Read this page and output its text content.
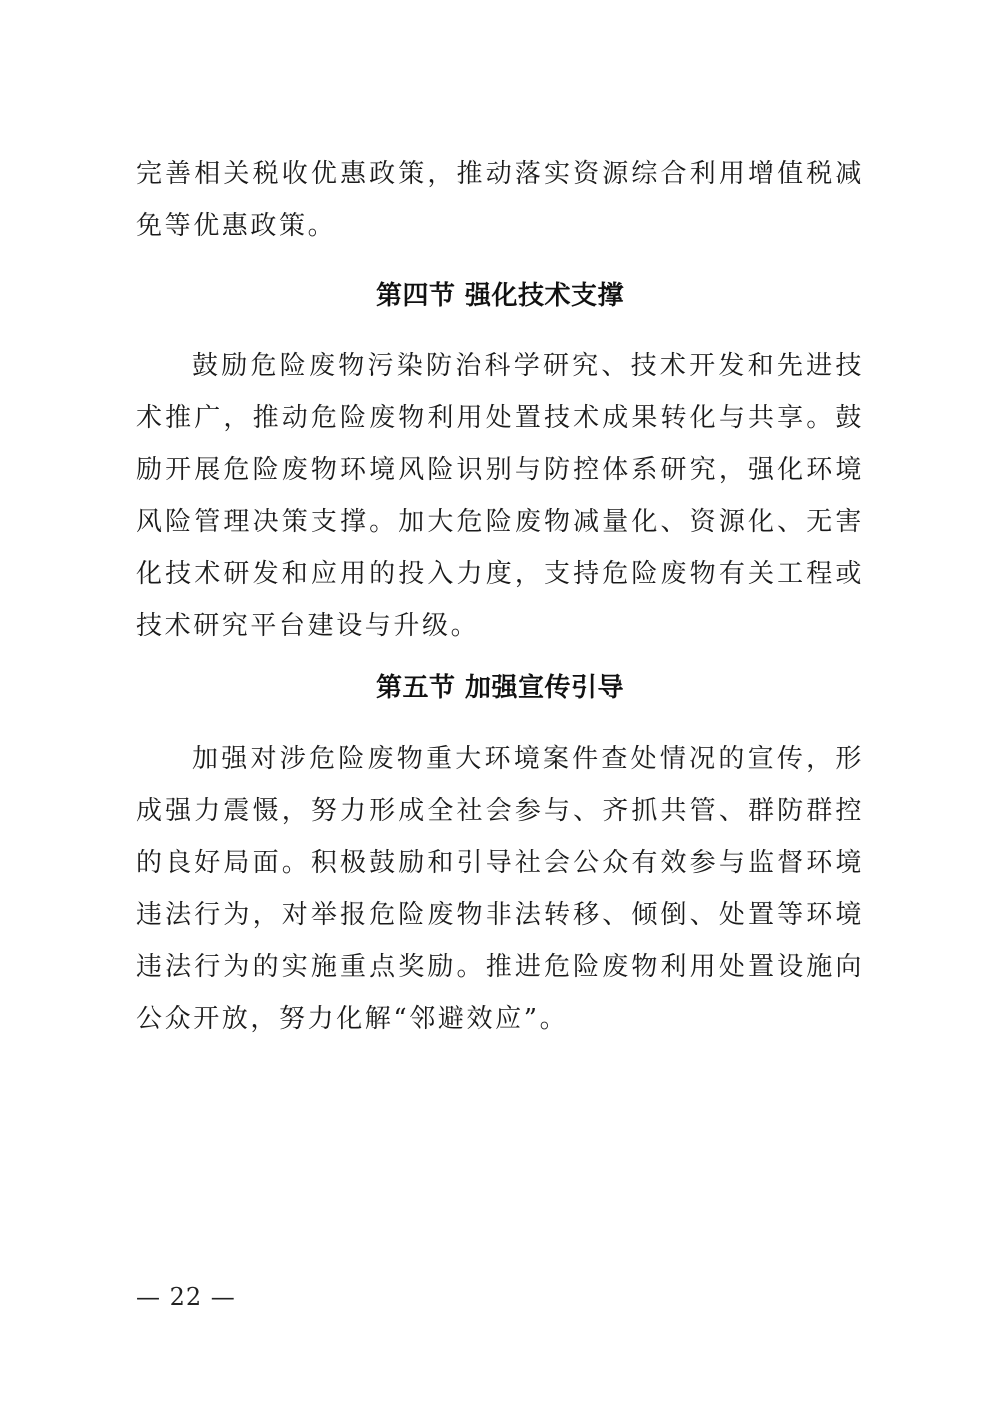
完善相关税收优惠政策，推动落实资源综合利用增值税减免等优惠政策。

第四节 强化技术支撑

鼓励危险废物污染防治科学研究、技术开发和先进技术推广，推动危险废物利用处置技术成果转化与共享。鼓励开展危险废物环境风险识别与防控体系研究，强化环境风险管理决策支撑。加大危险废物减量化、资源化、无害化技术研发和应用的投入力度，支持危险废物有关工程或技术研究平台建设与升级。

第五节 加强宣传引导

加强对涉危险废物重大环境案件查处情况的宣传，形成强力震慑，努力形成全社会参与、齐抓共管、群防群控的良好局面。积极鼓励和引导社会公众有效参与监督环境违法行为，对举报危险废物非法转移、倾倒、处置等环境违法行为的实施重点奖励。推进危险废物利用处置设施向公众开放，努力化解“邻避效应”。

— 22 —
